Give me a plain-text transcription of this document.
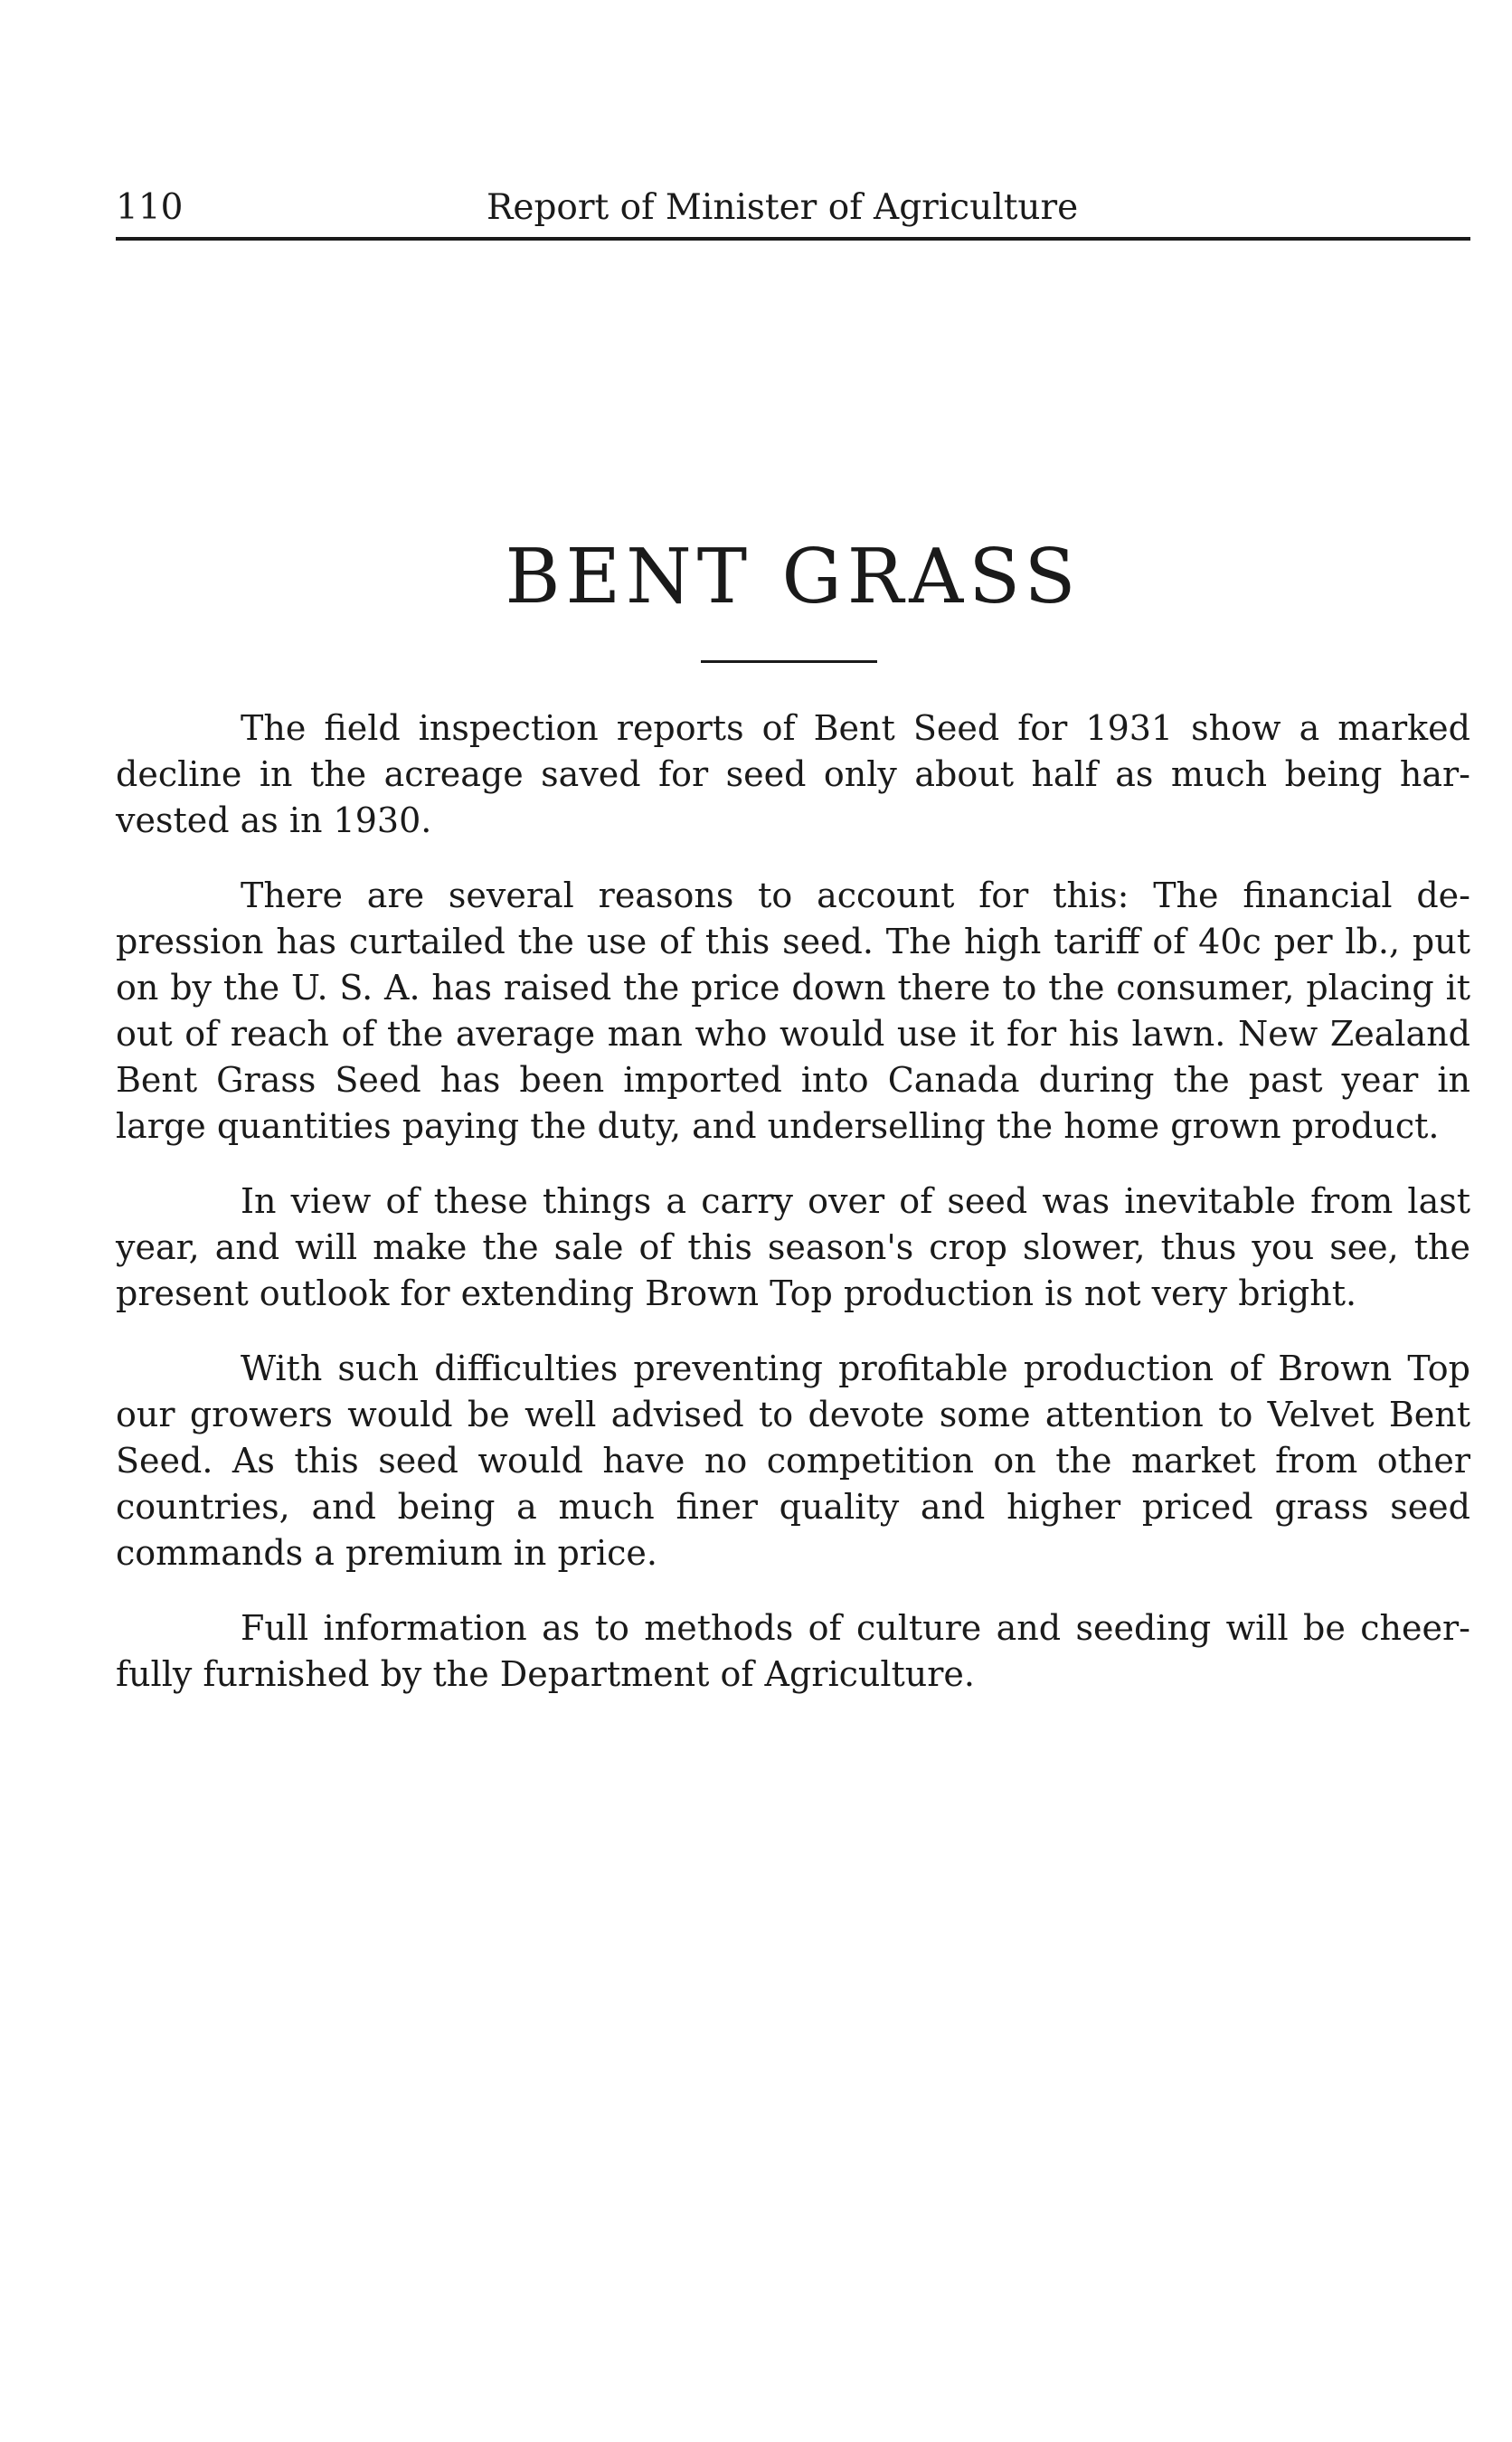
110	Report of Minister of Agriculture
BENT GRASS

The field inspection reports of Bent Seed for 1931 show a marked decline in the acreage saved for seed only about half as much being harvested as in 1930.

There are several reasons to account for this: The financial depression has curtailed the use of this seed. The high tariff of 40c per lb., put on by the U. S. A. has raised the price down there to the consumer, placing it out of reach of the average man who would use it for his lawn. New Zealand Bent Grass Seed has been imported into Canada during the past year in large quantities paying the duty, and underselling the home grown product.

In view of these things a carry over of seed was inevitable from last year, and will make the sale of this season's crop slower, thus you see, the present outlook for extending Brown Top production is not very bright.

With such difficulties preventing profitable production of Brown Top our growers would be well advised to devote some attention to Velvet Bent Seed. As this seed would have no competition on the market from other countries, and being a much finer quality and higher priced grass seed commands a premium in price.

Full information as to methods of culture and seeding will be cheerfully furnished by the Department of Agriculture.
